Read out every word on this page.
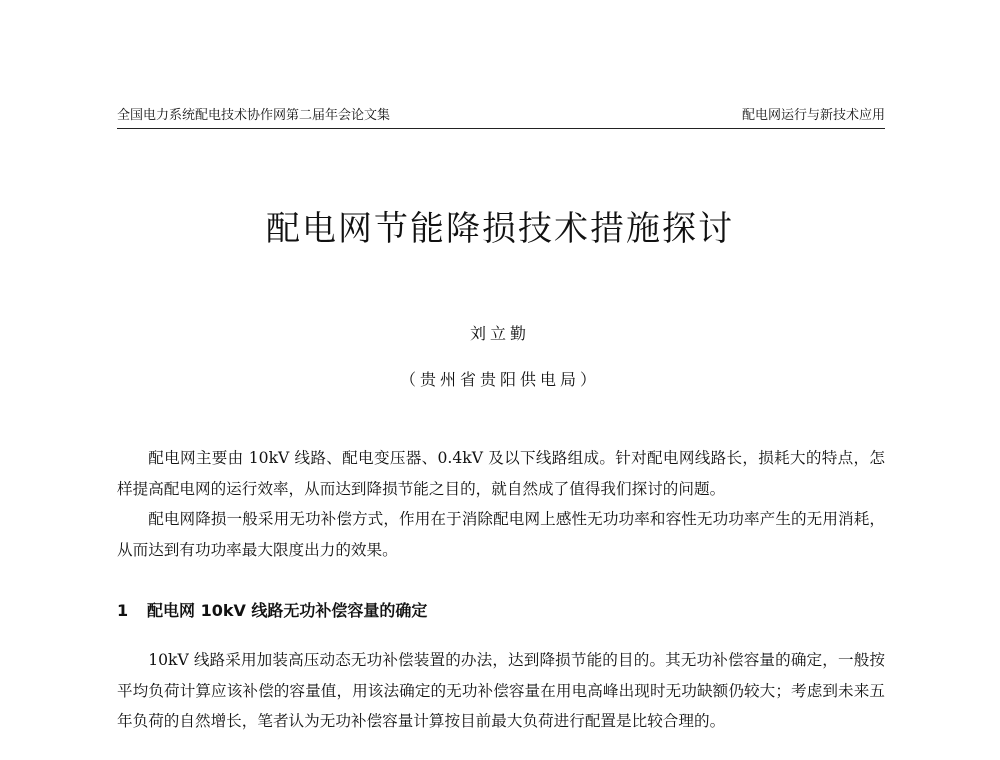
全国电力系统配电技术协作网第二届年会论文集	配电网运行与新技术应用
配电网节能降损技术措施探讨
刘立勤
（贵州省贵阳供电局）

配电网主要由 10kV 线路、配电变压器、0.4kV 及以下线路组成。针对配电网线路长，损耗大的特点，怎样提高配电网的运行效率，从而达到降损节能之目的，就自然成了值得我们探讨的问题。

配电网降损一般采用无功补偿方式，作用在于消除配电网上感性无功功率和容性无功功率产生的无用消耗，从而达到有功功率最大限度出力的效果。

1 配电网 10kV 线路无功补偿容量的确定

10kV 线路采用加装高压动态无功补偿装置的办法，达到降损节能的目的。其无功补偿容量的确定，一般按平均负荷计算应该补偿的容量值，用该法确定的无功补偿容量在用电高峰出现时无功缺额仍较大；考虑到未来五年负荷的自然增长，笔者认为无功补偿容量计算按目前最大负荷进行配置是比较合理的。
